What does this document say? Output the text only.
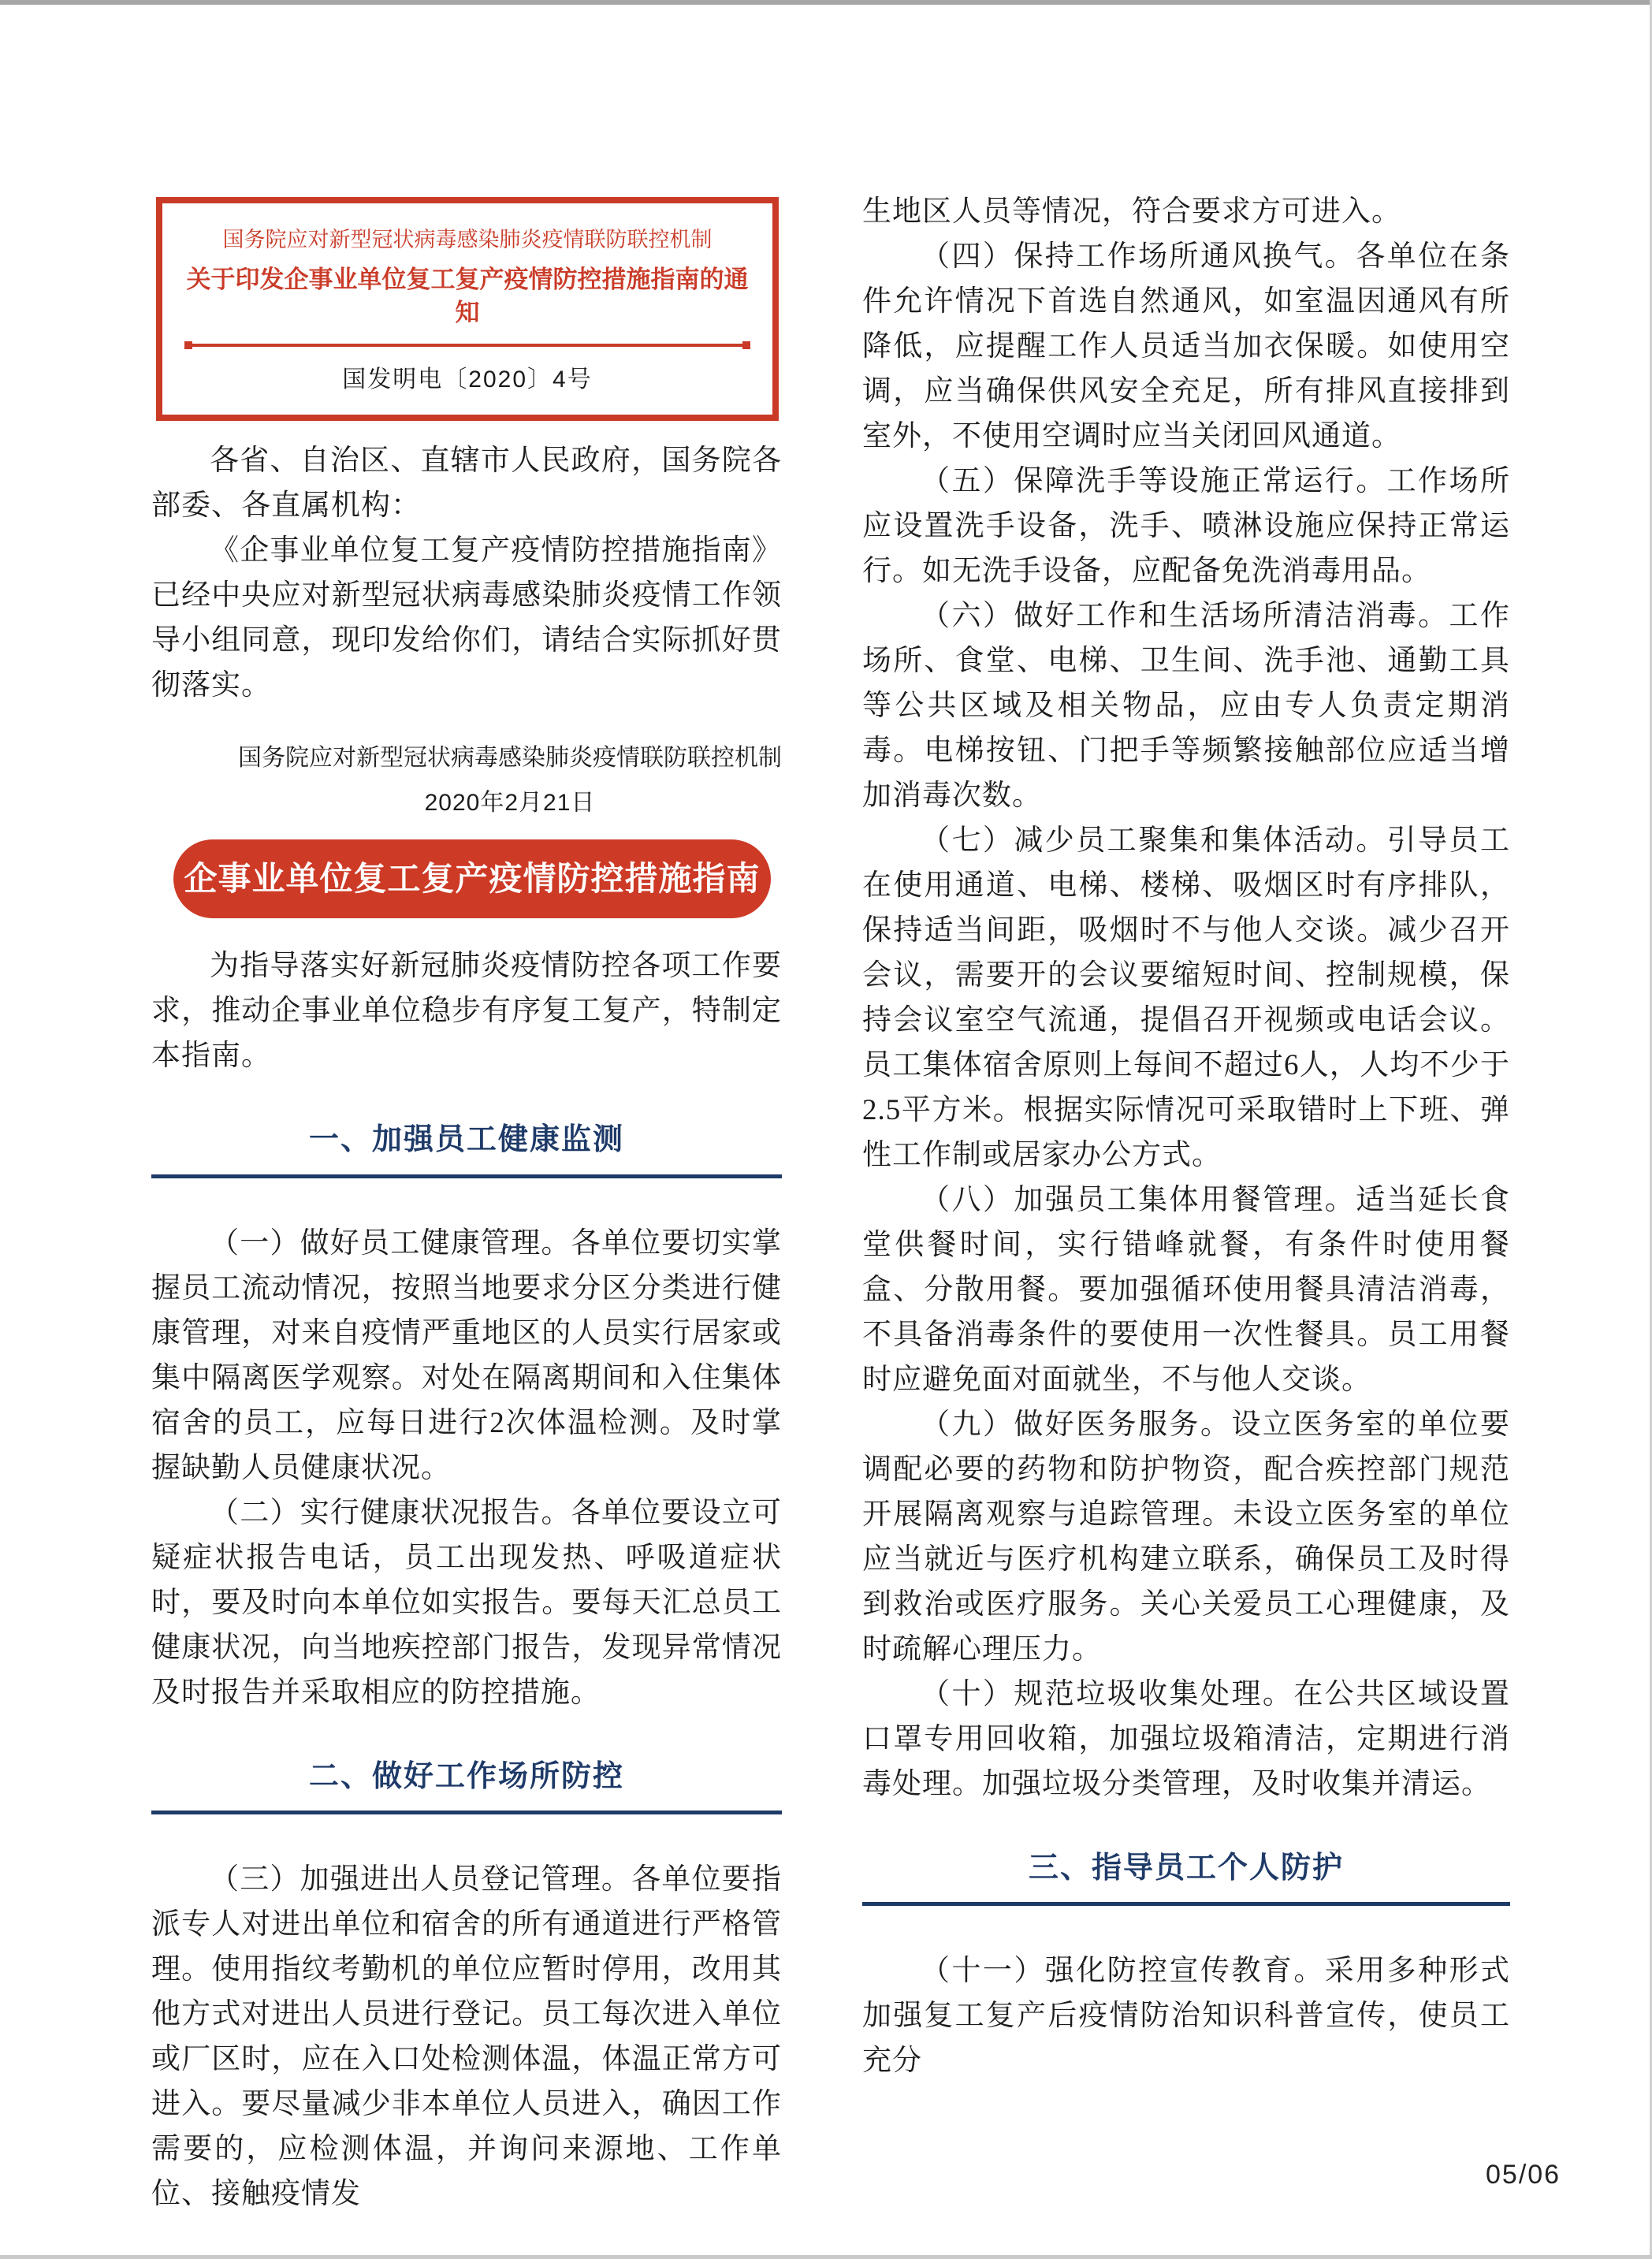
国务院应对新型冠状病毒感染肺炎疫情联防联控机制
关于印发企事业单位复工复产疫情防控措施指南的通知
国发明电〔2020〕4号

各省、自治区、直辖市人民政府，国务院各部委、各直属机构：

《企事业单位复工复产疫情防控措施指南》已经中央应对新型冠状病毒感染肺炎疫情工作领导小组同意，现印发给你们，请结合实际抓好贯彻落实。

国务院应对新型冠状病毒感染肺炎疫情联防联控机制
2020年2月21日
企事业单位复工复产疫情防控措施指南

为指导落实好新冠肺炎疫情防控各项工作要求，推动企事业单位稳步有序复工复产，特制定本指南。

一、加强员工健康监测

（一）做好员工健康管理。各单位要切实掌握员工流动情况，按照当地要求分区分类进行健康管理，对来自疫情严重地区的人员实行居家或集中隔离医学观察。对处在隔离期间和入住集体宿舍的员工，应每日进行2次体温检测。及时掌握缺勤人员健康状况。

（二）实行健康状况报告。各单位要设立可疑症状报告电话，员工出现发热、呼吸道症状时，要及时向本单位如实报告。要每天汇总员工健康状况，向当地疾控部门报告，发现异常情况及时报告并采取相应的防控措施。

二、做好工作场所防控

（三）加强进出人员登记管理。各单位要指派专人对进出单位和宿舍的所有通道进行严格管理。使用指纹考勤机的单位应暂时停用，改用其他方式对进出人员进行登记。员工每次进入单位或厂区时，应在入口处检测体温，体温正常方可进入。要尽量减少非本单位人员进入，确因工作需要的，应检测体温，并询问来源地、工作单位、接触疫情发

生地区人员等情况，符合要求方可进入。

（四）保持工作场所通风换气。各单位在条件允许情况下首选自然通风，如室温因通风有所降低，应提醒工作人员适当加衣保暖。如使用空调，应当确保供风安全充足，所有排风直接排到室外，不使用空调时应当关闭回风通道。

（五）保障洗手等设施正常运行。工作场所应设置洗手设备，洗手、喷淋设施应保持正常运行。如无洗手设备，应配备免洗消毒用品。

（六）做好工作和生活场所清洁消毒。工作场所、食堂、电梯、卫生间、洗手池、通勤工具等公共区域及相关物品，应由专人负责定期消毒。电梯按钮、门把手等频繁接触部位应适当增加消毒次数。

（七）减少员工聚集和集体活动。引导员工在使用通道、电梯、楼梯、吸烟区时有序排队，保持适当间距，吸烟时不与他人交谈。减少召开会议，需要开的会议要缩短时间、控制规模，保持会议室空气流通，提倡召开视频或电话会议。员工集体宿舍原则上每间不超过6人，人均不少于2.5平方米。根据实际情况可采取错时上下班、弹性工作制或居家办公方式。

（八）加强员工集体用餐管理。适当延长食堂供餐时间，实行错峰就餐，有条件时使用餐盒、分散用餐。要加强循环使用餐具清洁消毒，不具备消毒条件的要使用一次性餐具。员工用餐时应避免面对面就坐，不与他人交谈。

（九）做好医务服务。设立医务室的单位要调配必要的药物和防护物资，配合疾控部门规范开展隔离观察与追踪管理。未设立医务室的单位应当就近与医疗机构建立联系，确保员工及时得到救治或医疗服务。关心关爱员工心理健康，及时疏解心理压力。

（十）规范垃圾收集处理。在公共区域设置口罩专用回收箱，加强垃圾箱清洁，定期进行消毒处理。加强垃圾分类管理，及时收集并清运。

三、指导员工个人防护

（十一）强化防控宣传教育。采用多种形式加强复工复产后疫情防治知识科普宣传，使员工充分

05/06
